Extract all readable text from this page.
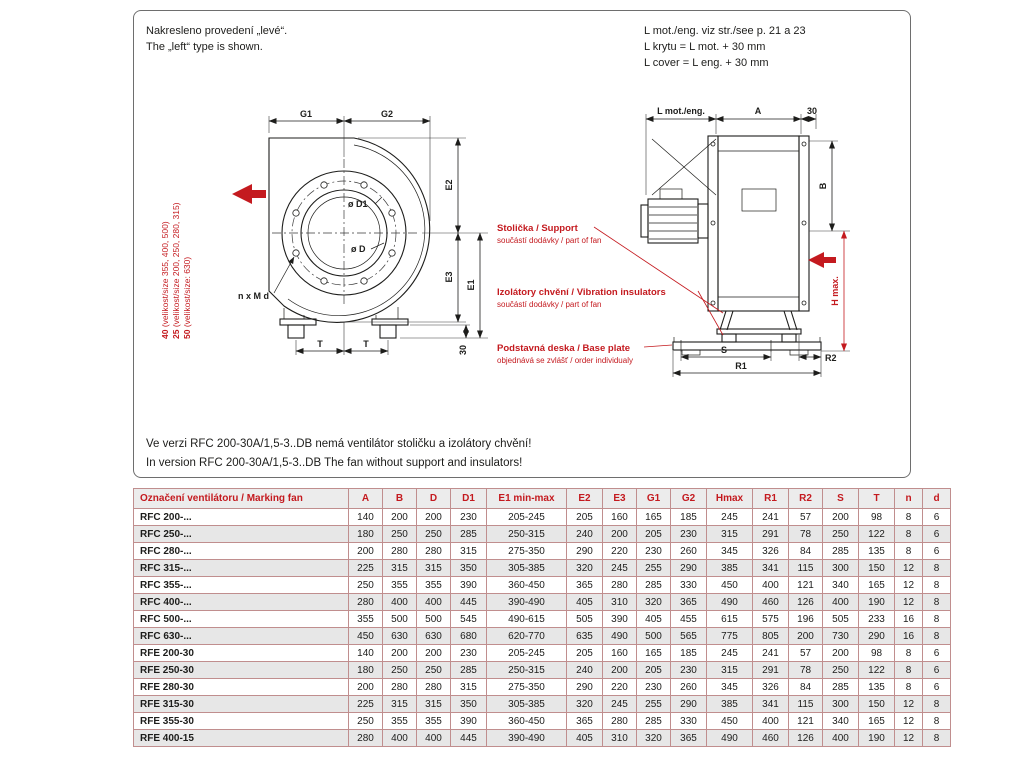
Nakresleno provedení „levé“.
The „left“ type is shown.
L mot./eng. viz str./see p. 21 a 23
L krytu = L mot. + 30 mm
L cover = L eng. + 30 mm
40 (velikost/size 355, 400, 500)
25 (velikost/size 200, 250, 280, 315)
50 (velikost/size: 630)
G1	G2
E2
E3
E1
T	T
30
ø D1
ø D
n x M d
L mot./eng.	A	30
B
H max.
S
R2
R1
Stolička / Support
součástí dodávky / part of fan
Izolátory chvění / Vibration insulators
součástí dodávky / part of fan
Podstavná deska / Base plate
objednává se zvlášť / order individualy
Ve verzi RFC 200-30A/1,5-3..DB nemá ventilátor stoličku a izolátory chvění!
In version RFC 200-30A/1,5-3..DB The fan without support and insulators!
Označení ventilátoru / Marking fan	A	B	D	D1	E1 min-max	E2	E3	G1	G2	Hmax	R1	R2	S	T	n	d
RFC 200-...	140	200	200	230	205-245	205	160	165	185	245	241	57	200	98	8	6
RFC 250-...	180	250	250	285	250-315	240	200	205	230	315	291	78	250	122	8	6
RFC 280-...	200	280	280	315	275-350	290	220	230	260	345	326	84	285	135	8	6
RFC 315-...	225	315	315	350	305-385	320	245	255	290	385	341	115	300	150	12	8
RFC 355-...	250	355	355	390	360-450	365	280	285	330	450	400	121	340	165	12	8
RFC 400-...	280	400	400	445	390-490	405	310	320	365	490	460	126	400	190	12	8
RFC 500-...	355	500	500	545	490-615	505	390	405	455	615	575	196	505	233	16	8
RFC 630-...	450	630	630	680	620-770	635	490	500	565	775	805	200	730	290	16	8
RFE 200-30	140	200	200	230	205-245	205	160	165	185	245	241	57	200	98	8	6
RFE 250-30	180	250	250	285	250-315	240	200	205	230	315	291	78	250	122	8	6
RFE 280-30	200	280	280	315	275-350	290	220	230	260	345	326	84	285	135	8	6
RFE 315-30	225	315	315	350	305-385	320	245	255	290	385	341	115	300	150	12	8
RFE 355-30	250	355	355	390	360-450	365	280	285	330	450	400	121	340	165	12	8
RFE 400-15	280	400	400	445	390-490	405	310	320	365	490	460	126	400	190	12	8
